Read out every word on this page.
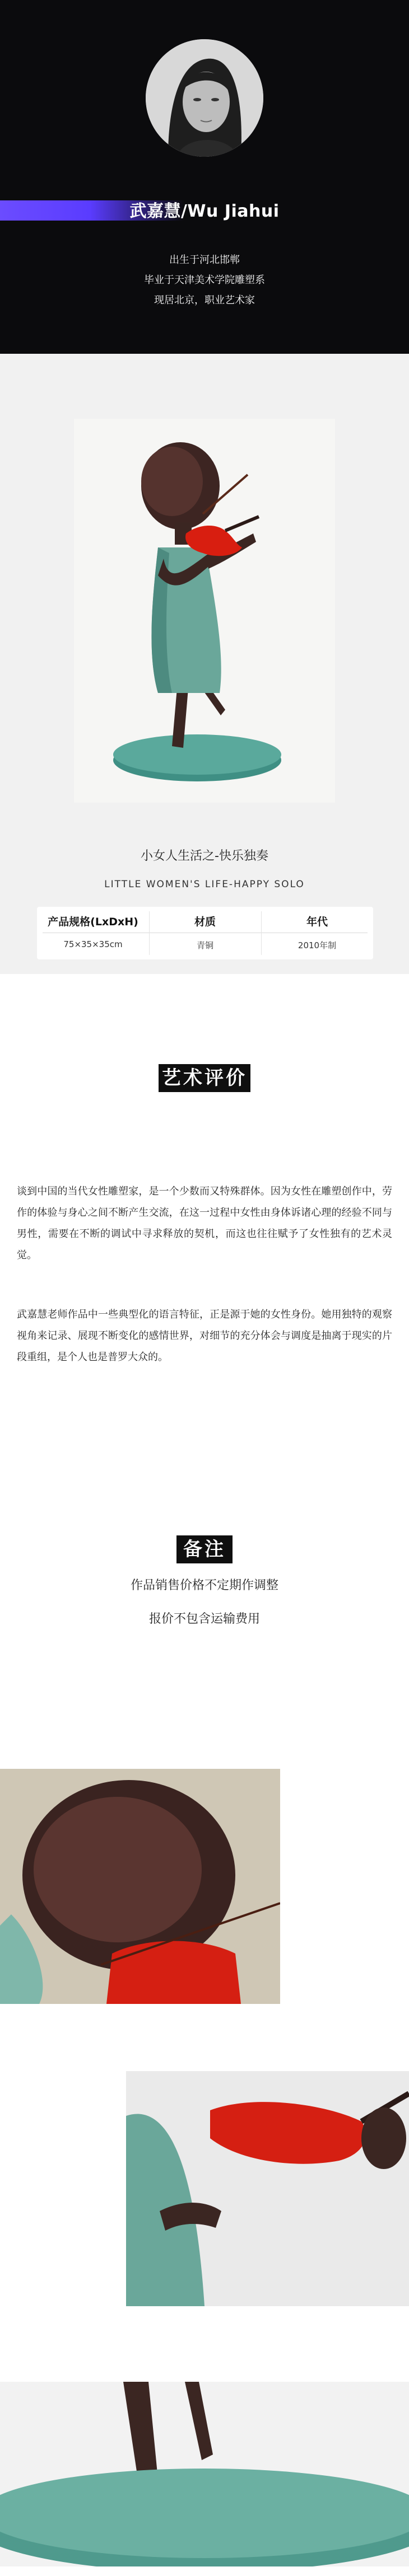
武嘉慧/Wu Jiahui
出生于河北邯郸
毕业于天津美术学院雕塑系
现居北京，职业艺术家
小女人生活之-快乐独奏
LITTLE WOMEN'S LIFE-HAPPY SOLO
产品规格(LxDxH)
75×35×35cm
材质
青铜
年代
2010年制
艺术评价
谈到中国的当代女性雕塑家，是一个少数而又特殊群体。因为女性在雕塑创作中，劳作的体验与身心之间不断产生交流，在这一过程中女性由身体诉诸心理的经验不同与男性，需要在不断的调试中寻求释放的契机，而这也往往赋予了女性独有的艺术灵觉。
武嘉慧老师作品中一些典型化的语言特征，正是源于她的女性身份。她用独特的观察视角来记录、展现不断变化的感情世界，对细节的充分体会与调度是抽离于现实的片段重组，是个人也是普罗大众的。
备注
作品销售价格不定期作调整
报价不包含运输费用
